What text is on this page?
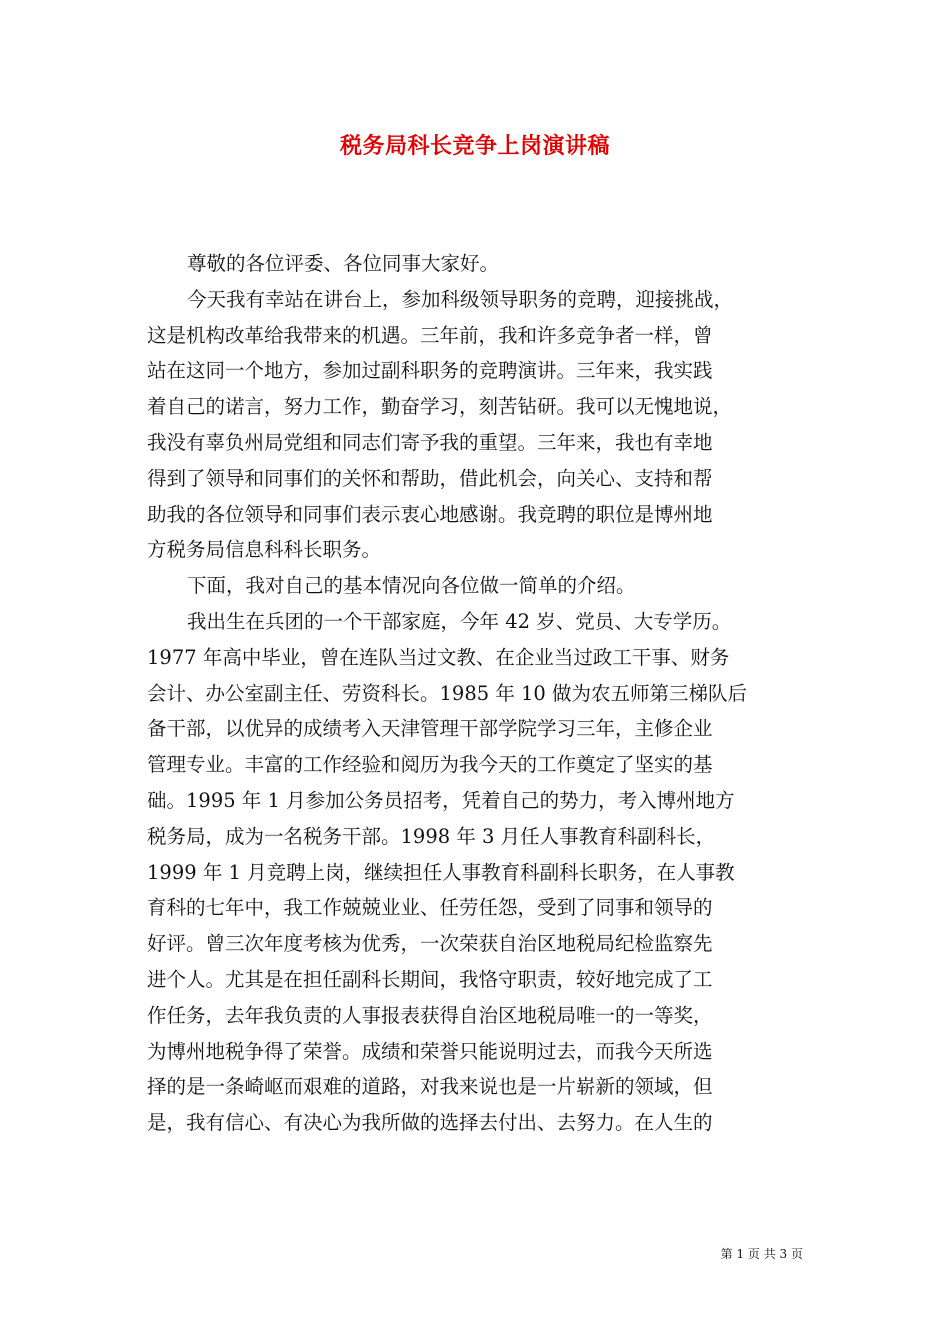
税务局科长竞争上岗演讲稿
尊敬的各位评委、各位同事大家好。
今天我有幸站在讲台上，参加科级领导职务的竞聘，迎接挑战，
这是机构改革给我带来的机遇。三年前，我和许多竞争者一样，曾
站在这同一个地方，参加过副科职务的竞聘演讲。三年来，我实践
着自己的诺言，努力工作，勤奋学习，刻苦钻研。我可以无愧地说，
我没有辜负州局党组和同志们寄予我的重望。三年来，我也有幸地
得到了领导和同事们的关怀和帮助，借此机会，向关心、支持和帮
助我的各位领导和同事们表示衷心地感谢。我竞聘的职位是博州地
方税务局信息科科长职务。
下面，我对自己的基本情况向各位做一简单的介绍。
我出生在兵团的一个干部家庭，今年 42 岁、党员、大专学历。
1977 年高中毕业，曾在连队当过文教、在企业当过政工干事、财务
会计、办公室副主任、劳资科长。1985 年 10 做为农五师第三梯队后
备干部，以优异的成绩考入天津管理干部学院学习三年，主修企业
管理专业。丰富的工作经验和阅历为我今天的工作奠定了坚实的基
础。1995 年 1 月参加公务员招考，凭着自己的势力，考入博州地方
税务局，成为一名税务干部。1998 年 3 月任人事教育科副科长，
1999 年 1 月竞聘上岗，继续担任人事教育科副科长职务，在人事教
育科的七年中，我工作兢兢业业、任劳任怨，受到了同事和领导的
好评。曾三次年度考核为优秀，一次荣获自治区地税局纪检监察先
进个人。尤其是在担任副科长期间，我恪守职责，较好地完成了工
作任务，去年我负责的人事报表获得自治区地税局唯一的一等奖，
为博州地税争得了荣誉。成绩和荣誉只能说明过去，而我今天所选
择的是一条崎岖而艰难的道路，对我来说也是一片崭新的领域，但
是，我有信心、有决心为我所做的选择去付出、去努力。在人生的
第 1 页 共 3 页
